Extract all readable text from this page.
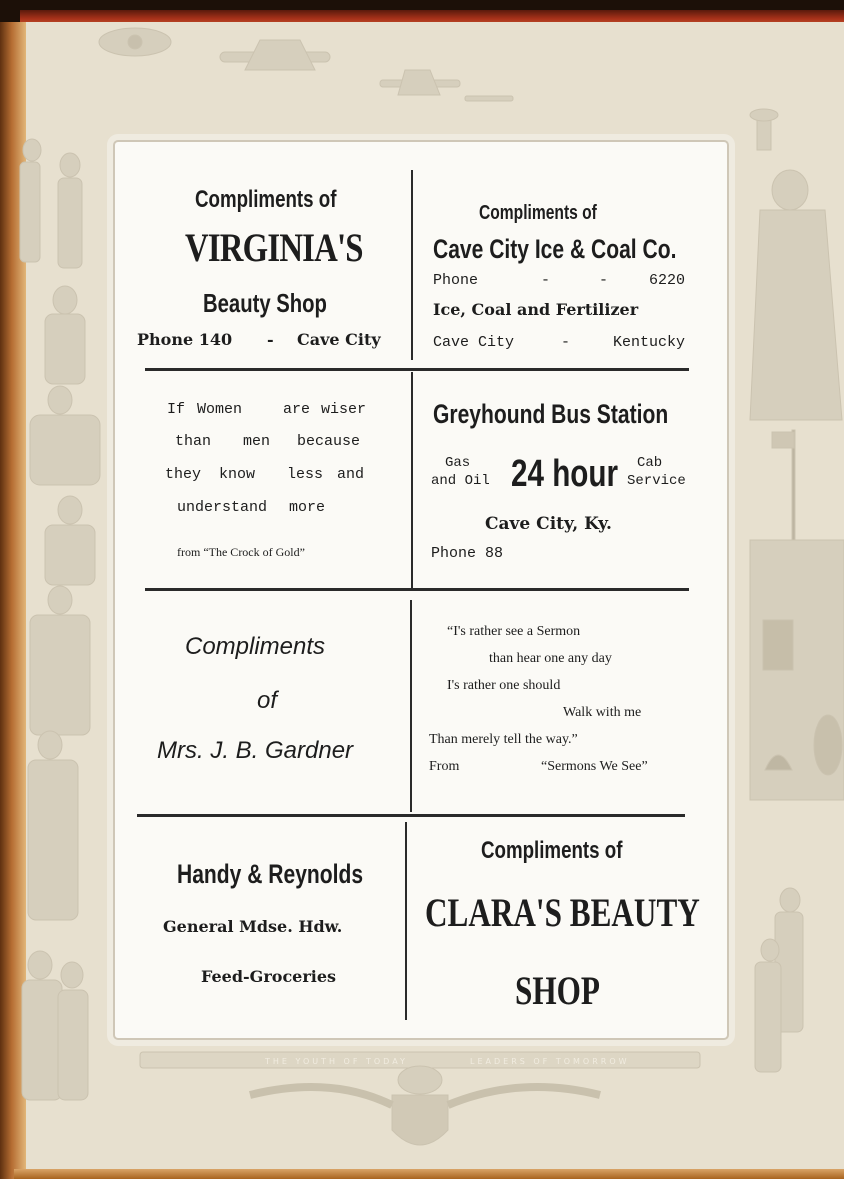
THE YOUTH OF TODAY	LEADERS OF TOMORROW
Compliments of
VIRGINIA'S
Beauty Shop
Phone 140 - Cave City
Compliments of
Cave City Ice & Coal Co.
Phone	-	-	6220
Ice, Coal and Fertilizer
Cave City	-	Kentucky
If Women	are wiser
than men because
they know less and
understand more
from “The Crock of Gold”
Greyhound Bus Station
Gas
and Oil 24 hour Cab
Service
Cave City, Ky.
Phone 88
Compliments
of
Mrs. J. B. Gardner
“I's rather see a Sermon
than hear one any day
I's rather one should
Walk with me
Than merely tell the way.”
From	“Sermons We See”
Handy & Reynolds
General Mdse. Hdw.
Feed-Groceries
Compliments of
CLARA'S BEAUTY
SHOP
